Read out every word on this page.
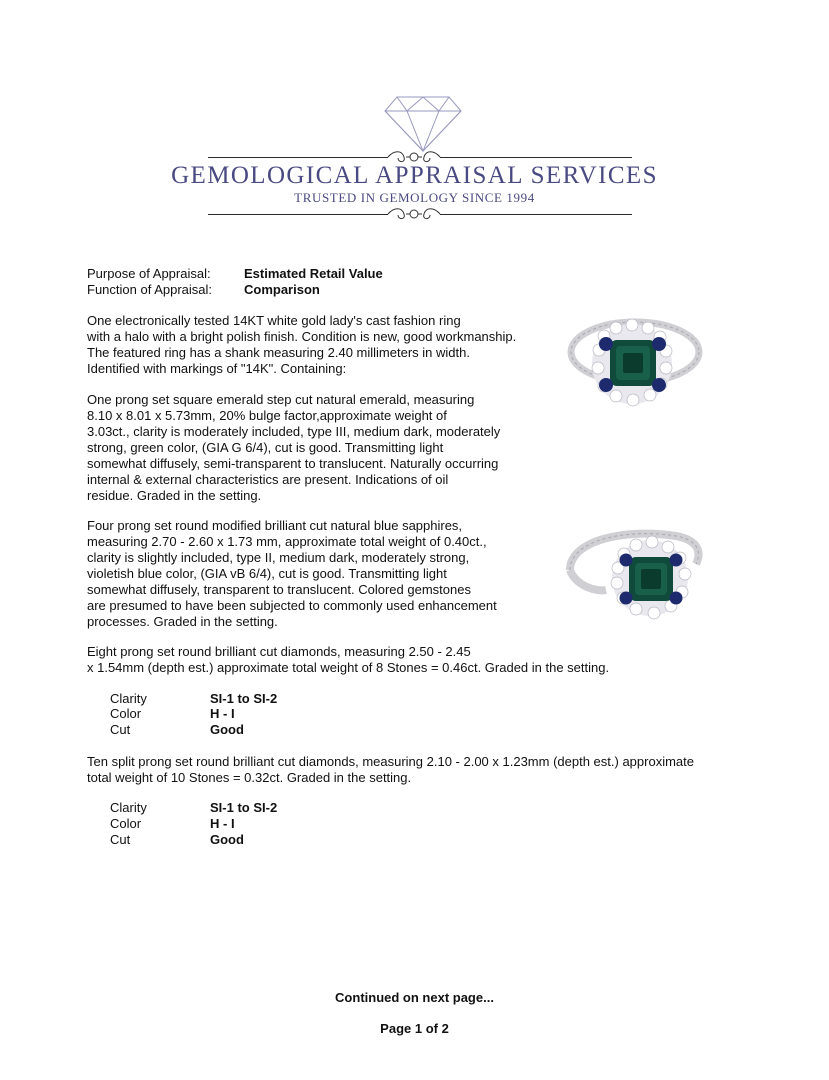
GEMOLOGICAL APPRAISAL SERVICES
TRUSTED IN GEMOLOGY SINCE 1994
Purpose of Appraisal:	Estimated Retail Value
Function of Appraisal: Comparison
One electronically tested 14KT white gold lady's cast fashion ring
with a halo with a bright polish finish. Condition is new, good workmanship.
The featured ring has a shank measuring 2.40 millimeters in width.
Identified with markings of "14K". Containing:
One prong set square emerald step cut natural emerald, measuring
8.10 x 8.01 x 5.73mm, 20% bulge factor,approximate weight of
3.03ct., clarity is moderately included, type III, medium dark, moderately
strong, green color, (GIA G 6/4), cut is good. Transmitting light
somewhat diffusely, semi-transparent to translucent. Naturally occurring
internal & external characteristics are present. Indications of oil
residue. Graded in the setting.
Four prong set round modified brilliant cut natural blue sapphires,
measuring 2.70 - 2.60 x 1.73 mm, approximate total weight of 0.40ct.,
clarity is slightly included, type II, medium dark, moderately strong,
violetish blue color, (GIA vB 6/4), cut is good. Transmitting light
somewhat diffusely, transparent to translucent. Colored gemstones
are presumed to have been subjected to commonly used enhancement
processes. Graded in the setting.
Eight prong set round brilliant cut diamonds, measuring 2.50 - 2.45
x 1.54mm (depth est.) approximate total weight of 8 Stones = 0.46ct. Graded in the setting.
Clarity	SI-1 to SI-2
Color	H - I
Cut	Good
Ten split prong set round brilliant cut diamonds, measuring 2.10 - 2.00 x 1.23mm (depth est.) approximate
total weight of 10 Stones = 0.32ct. Graded in the setting.
Clarity	SI-1 to SI-2
Color	H - I
Cut	Good
Continued on next page...
Page 1 of 2
